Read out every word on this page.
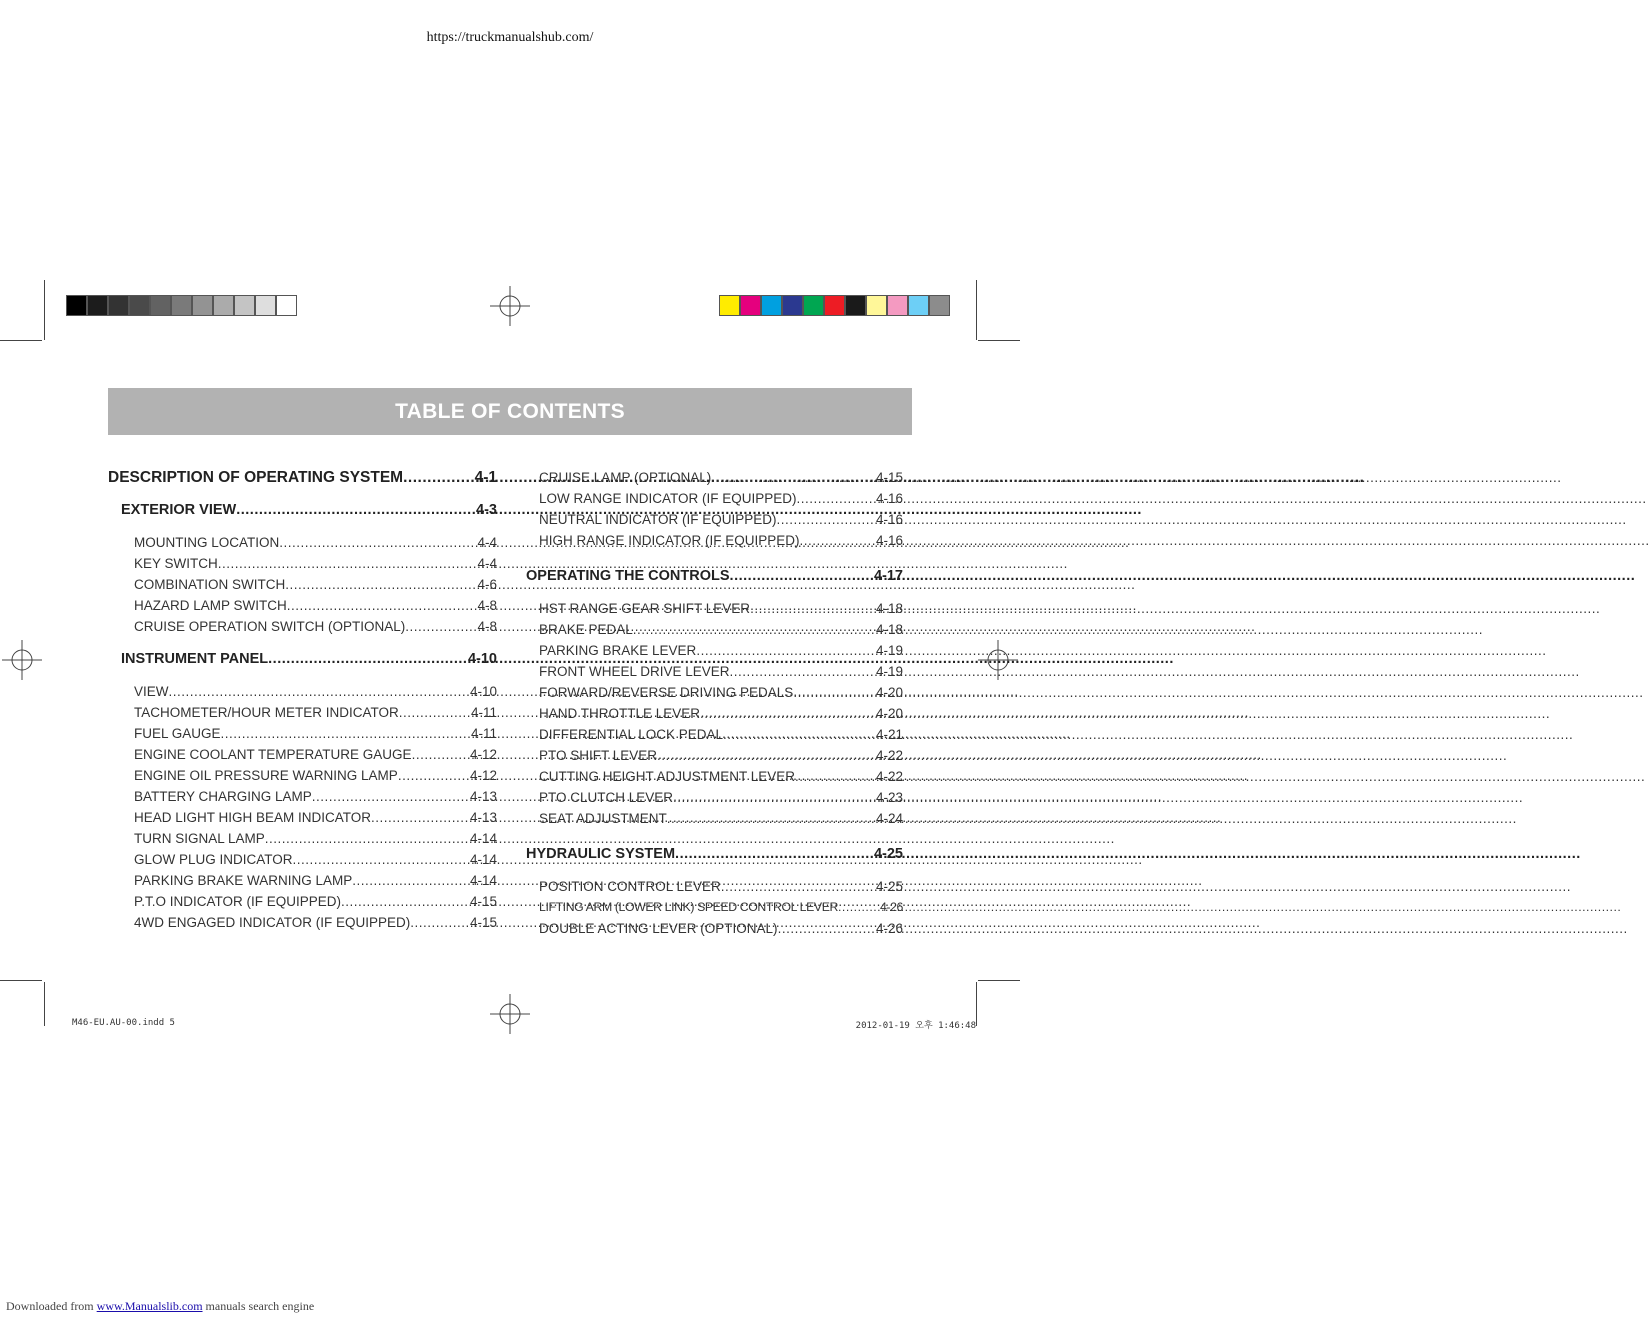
https://truckmanualshub.com/
TABLE OF CONTENTS
DESCRIPTION OF OPERATING SYSTEM .....	4-1
EXTERIOR VIEW .....	4-3
MOUNTING LOCATION .....	4-4
KEY SWITCH .....	4-4
COMBINATION SWITCH .....	4-6
HAZARD LAMP SWITCH .....	4-8
CRUISE OPERATION SWITCH (OPTIONAL) .....	4-8
INSTRUMENT PANEL .....	4-10
VIEW .....	4-10
TACHOMETER/HOUR METER INDICATOR .....	4-11
FUEL GAUGE .....	4-11
ENGINE COOLANT TEMPERATURE GAUGE .....	4-12
ENGINE OIL PRESSURE WARNING LAMP .....	4-12
BATTERY CHARGING LAMP .....	4-13
HEAD LIGHT HIGH BEAM INDICATOR .....	4-13
TURN SIGNAL LAMP .....	4-14
GLOW PLUG INDICATOR .....	4-14
PARKING BRAKE WARNING LAMP .....	4-14
P.T.O INDICATOR (IF EQUIPPED) .....	4-15
4WD ENGAGED INDICATOR (IF EQUIPPED) .....	4-15
CRUISE LAMP (OPTIONAL) .....	4-15
LOW RANGE INDICATOR (IF EQUIPPED) .....	4-16
NEUTRAL INDICATOR (IF EQUIPPED) .....	4-16
HIGH RANGE INDICATOR (IF EQUIPPED) .....	4-16
OPERATING THE CONTROLS .....	4-17
HST RANGE GEAR SHIFT LEVER .....	4-18
BRAKE PEDAL .....	4-18
PARKING BRAKE LEVER .....	4-19
FRONT WHEEL DRIVE LEVER .....	4-19
FORWARD/REVERSE DRIVING PEDALS .....	4-20
HAND THROTTLE LEVER .....	4-20
DIFFERENTIAL LOCK PEDAL .....	4-21
PTO SHIFT LEVER .....	4-22
CUTTING HEIGHT ADJUSTMENT LEVER .....	4-22
PTO CLUTCH LEVER .....	4-23
SEAT ADJUSTMENT .....	4-24
HYDRAULIC SYSTEM .....	4-25
POSITION CONTROL LEVER .....	4-25
LIFTING ARM (LOWER LINK) SPEED CONTROL LEVER .....	4-26
DOUBLE ACTING LEVER (OPTIONAL) .....	4-26
M46-EU.AU-00.indd 5	2012-01-19 오후 1:46:48
Downloaded from www.Manualslib.com manuals search engine
